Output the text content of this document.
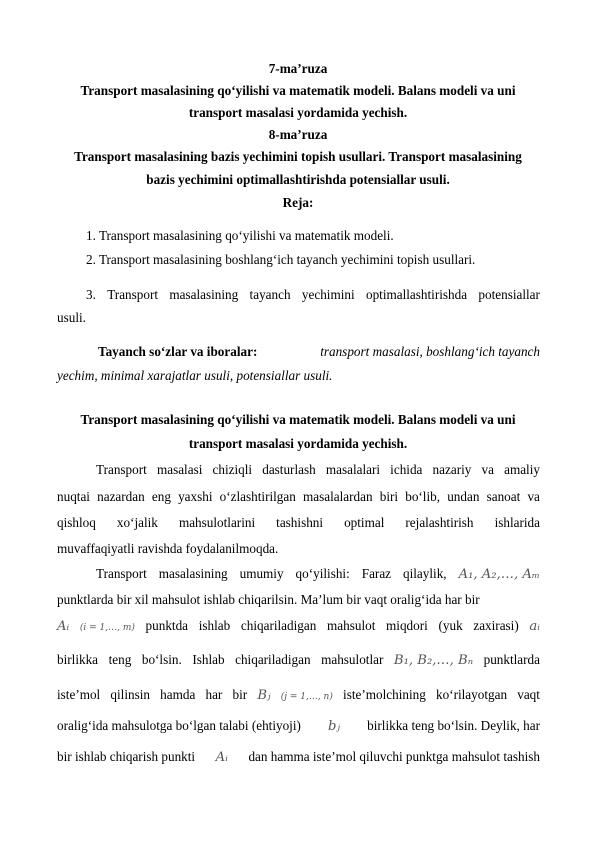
7-ma’ruza
Transport masalasining qo‘yilishi va matematik modeli. Balans modeli va uni
transport masalasi yordamida yechish.
8-ma’ruza
Transport masalasining bazis yechimini topish usullari. Transport masalasining
bazis yechimini optimallashtirishda potensiallar usuli.
Reja:
1. Transport masalasining qo‘yilishi va matematik modeli.
2. Transport masalasining boshlang‘ich tayanch yechimini topish usullari.
3. Transport masalasining tayanch yechimini optimallashtirishda potensiallar
usuli.
Tayanch so‘zlar va iboralar:	transport masalasi, boshlang‘ich tayanch
yechim, minimal xarajatlar usuli, potensiallar usuli.
Transport masalasining qo‘yilishi va matematik modeli. Balans modeli va uni
transport masalasi yordamida yechish.
Transport masalasi chiziqli dasturlash masalalari ichida nazariy va amaliy
nuqtai nazardan eng yaxshi o‘zlashtirilgan masalalardan biri bo‘lib, undan sanoat va
qishloq xo‘jalik mahsulotlarini tashishni optimal rejalashtirish ishlarida
muvaffaqiyatli ravishda foydalanilmoqda.
Transport masalasining umumiy qo‘yilishi: Faraz qilaylik, A₁, A₂,…, Aₘ
punktlarda bir xil mahsulot ishlab chiqarilsin. Ma’lum bir vaqt oralig‘ida har bir
Aᵢ (i = 1,…, m) punktda ishlab chiqariladigan mahsulot miqdori (yuk zaxirasi) aᵢ
birlikka teng bo‘lsin. Ishlab chiqariladigan mahsulotlar B₁, B₂,…, Bₙ punktlarda
iste’mol qilinsin hamda har bir Bⱼ (j = 1,…, n) iste’molchining ko‘rilayotgan vaqt
oralig‘ida mahsulotga bo‘lgan talabi (ehtiyoji) bⱼ birlikka teng bo‘lsin. Deylik, har
bir ishlab chiqarish punkti Aᵢ dan hamma iste’mol qiluvchi punktga mahsulot tashish
